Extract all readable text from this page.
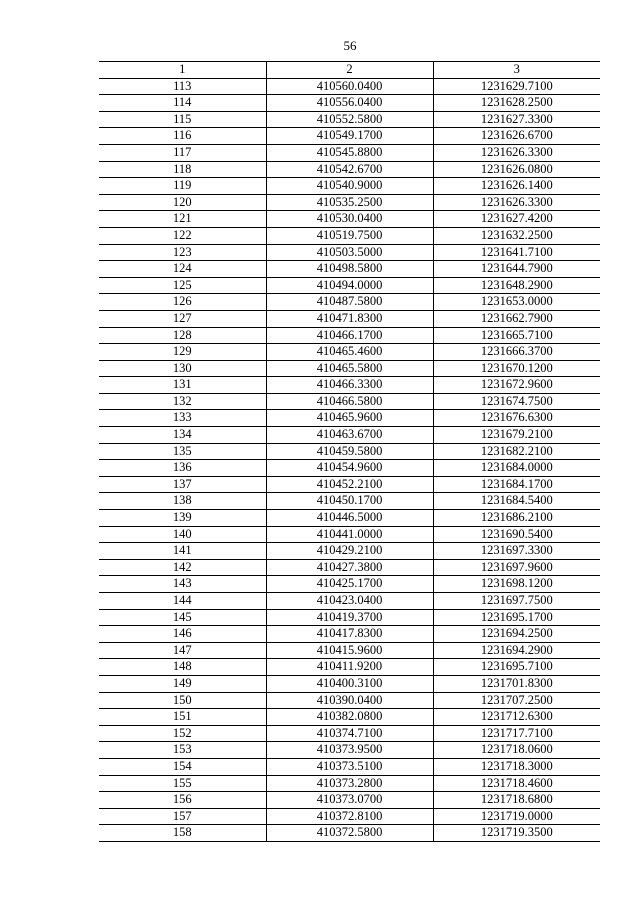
56
1	2	3
113	410560.0400	1231629.7100
114	410556.0400	1231628.2500
115	410552.5800	1231627.3300
116	410549.1700	1231626.6700
117	410545.8800	1231626.3300
118	410542.6700	1231626.0800
119	410540.9000	1231626.1400
120	410535.2500	1231626.3300
121	410530.0400	1231627.4200
122	410519.7500	1231632.2500
123	410503.5000	1231641.7100
124	410498.5800	1231644.7900
125	410494.0000	1231648.2900
126	410487.5800	1231653.0000
127	410471.8300	1231662.7900
128	410466.1700	1231665.7100
129	410465.4600	1231666.3700
130	410465.5800	1231670.1200
131	410466.3300	1231672.9600
132	410466.5800	1231674.7500
133	410465.9600	1231676.6300
134	410463.6700	1231679.2100
135	410459.5800	1231682.2100
136	410454.9600	1231684.0000
137	410452.2100	1231684.1700
138	410450.1700	1231684.5400
139	410446.5000	1231686.2100
140	410441.0000	1231690.5400
141	410429.2100	1231697.3300
142	410427.3800	1231697.9600
143	410425.1700	1231698.1200
144	410423.0400	1231697.7500
145	410419.3700	1231695.1700
146	410417.8300	1231694.2500
147	410415.9600	1231694.2900
148	410411.9200	1231695.7100
149	410400.3100	1231701.8300
150	410390.0400	1231707.2500
151	410382.0800	1231712.6300
152	410374.7100	1231717.7100
153	410373.9500	1231718.0600
154	410373.5100	1231718.3000
155	410373.2800	1231718.4600
156	410373.0700	1231718.6800
157	410372.8100	1231719.0000
158	410372.5800	1231719.3500
